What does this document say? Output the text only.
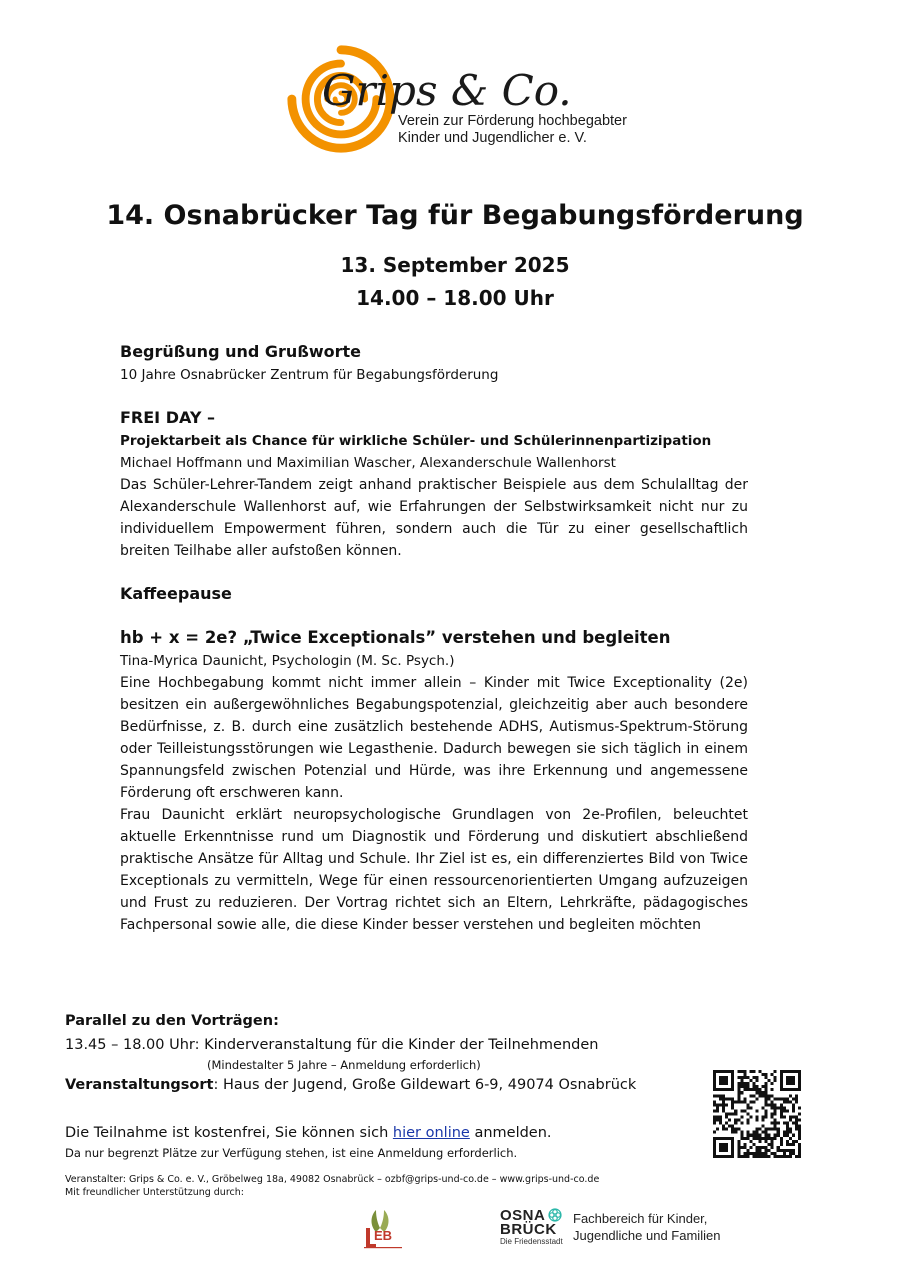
Grips & Co.
Verein zur Förderung hochbegabter
Kinder und Jugendlicher e. V.
14. Osnabrücker Tag für Begabungsförderung
13. September 2025
14.00 – 18.00 Uhr

Begrüßung und Grußworte

10 Jahre Osnabrücker Zentrum für Begabungsförderung

FREI DAY –

Projektarbeit als Chance für wirkliche Schüler- und Schülerinnenpartizipation

Michael Hoffmann und Maximilian Wascher, Alexanderschule Wallenhorst

Das Schüler-Lehrer-Tandem zeigt anhand praktischer Beispiele aus dem Schulalltag der Alexanderschule Wallenhorst auf, wie Erfahrungen der Selbstwirksamkeit nicht nur zu individuellem Empowerment führen, sondern auch die Tür zu einer gesellschaftlich breiten Teilhabe aller aufstoßen können.

Kaffeepause

hb + x = 2e? „Twice Exceptionals” verstehen und begleiten

Tina-Myrica Daunicht, Psychologin (M. Sc. Psych.)

Eine Hochbegabung kommt nicht immer allein – Kinder mit Twice Exceptionality (2e) besitzen ein außergewöhnliches Begabungspotenzial, gleichzeitig aber auch besondere Bedürfnisse, z. B. durch eine zusätzlich bestehende ADHS, Autismus-Spektrum-Störung oder Teilleistungsstörungen wie Legasthenie. Dadurch bewegen sie sich täglich in einem Spannungsfeld zwischen Potenzial und Hürde, was ihre Erkennung und angemessene Förderung oft erschweren kann.

Frau Daunicht erklärt neuropsychologische Grundlagen von 2e-Profilen, beleuchtet aktuelle Erkenntnisse rund um Diagnostik und Förderung und diskutiert abschließend praktische Ansätze für Alltag und Schule. Ihr Ziel ist es, ein differenziertes Bild von Twice Exceptionals zu vermitteln, Wege für einen ressourcenorientierten Umgang aufzuzeigen und Frust zu reduzieren. Der Vortrag richtet sich an Eltern, Lehrkräfte, pädagogisches Fachpersonal sowie alle, die diese Kinder besser verstehen und begleiten möchten

Parallel zu den Vorträgen:

13.45 – 18.00 Uhr: Kinderveranstaltung für die Kinder der Teilnehmenden

(Mindestalter 5 Jahre – Anmeldung erforderlich)

Veranstaltungsort: Haus der Jugend, Große Gildewart 6-9, 49074 Osnabrück

Die Teilnahme ist kostenfrei, Sie können sich hier online anmelden.

Da nur begrenzt Plätze zur Verfügung stehen, ist eine Anmeldung erforderlich.

Veranstalter: Grips & Co. e. V., Gröbelweg 18a, 49082 Osnabrück – ozbf@grips-und-co.de – www.grips-und-co.de

Mit freundlicher Unterstützung durch:

EB
OSNA
BRÜCK
Die Friedensstadt
Fachbereich für Kinder,
Jugendliche und Familien
